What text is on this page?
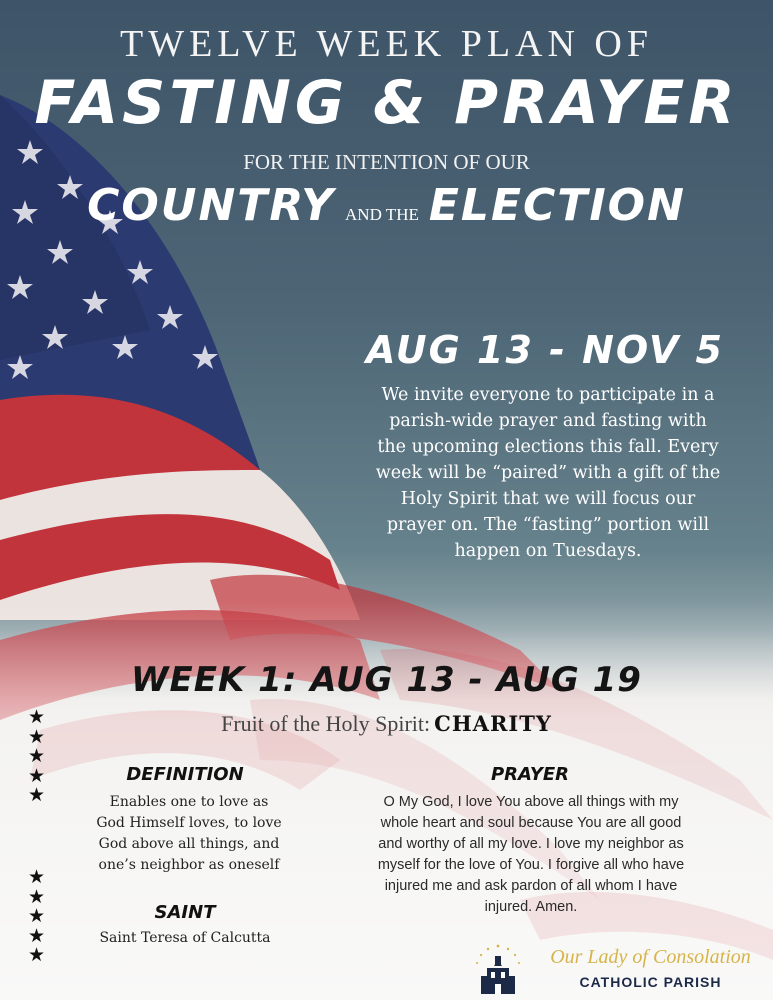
TWELVE WEEK PLAN OF
FASTING & PRAYER
FOR THE INTENTION OF OUR
COUNTRY AND THE ELECTION
AUG 13 - NOV 5
We invite everyone to participate in a
parish-wide prayer and fasting with
the upcoming elections this fall. Every
week will be “paired” with a gift of the
Holy Spirit that we will focus our
prayer on. The “fasting” portion will
happen on Tuesdays.
WEEK 1: AUG 13 - AUG 19
Fruit of the Holy Spirit: CHARITY
★
★
★
★
★
★
★
★
★
★
DEFINITION
Enables one to love as
God Himself loves, to love
God above all things, and
one’s neighbor as oneself
SAINT
Saint Teresa of Calcutta
PRAYER
O My God, I love You above all things with my
whole heart and soul because You are all good
and worthy of all my love. I love my neighbor as
myself for the love of You. I forgive all who have
injured me and ask pardon of all whom I have
injured. Amen.
Our Lady of Consolation
CATHOLIC PARISH
